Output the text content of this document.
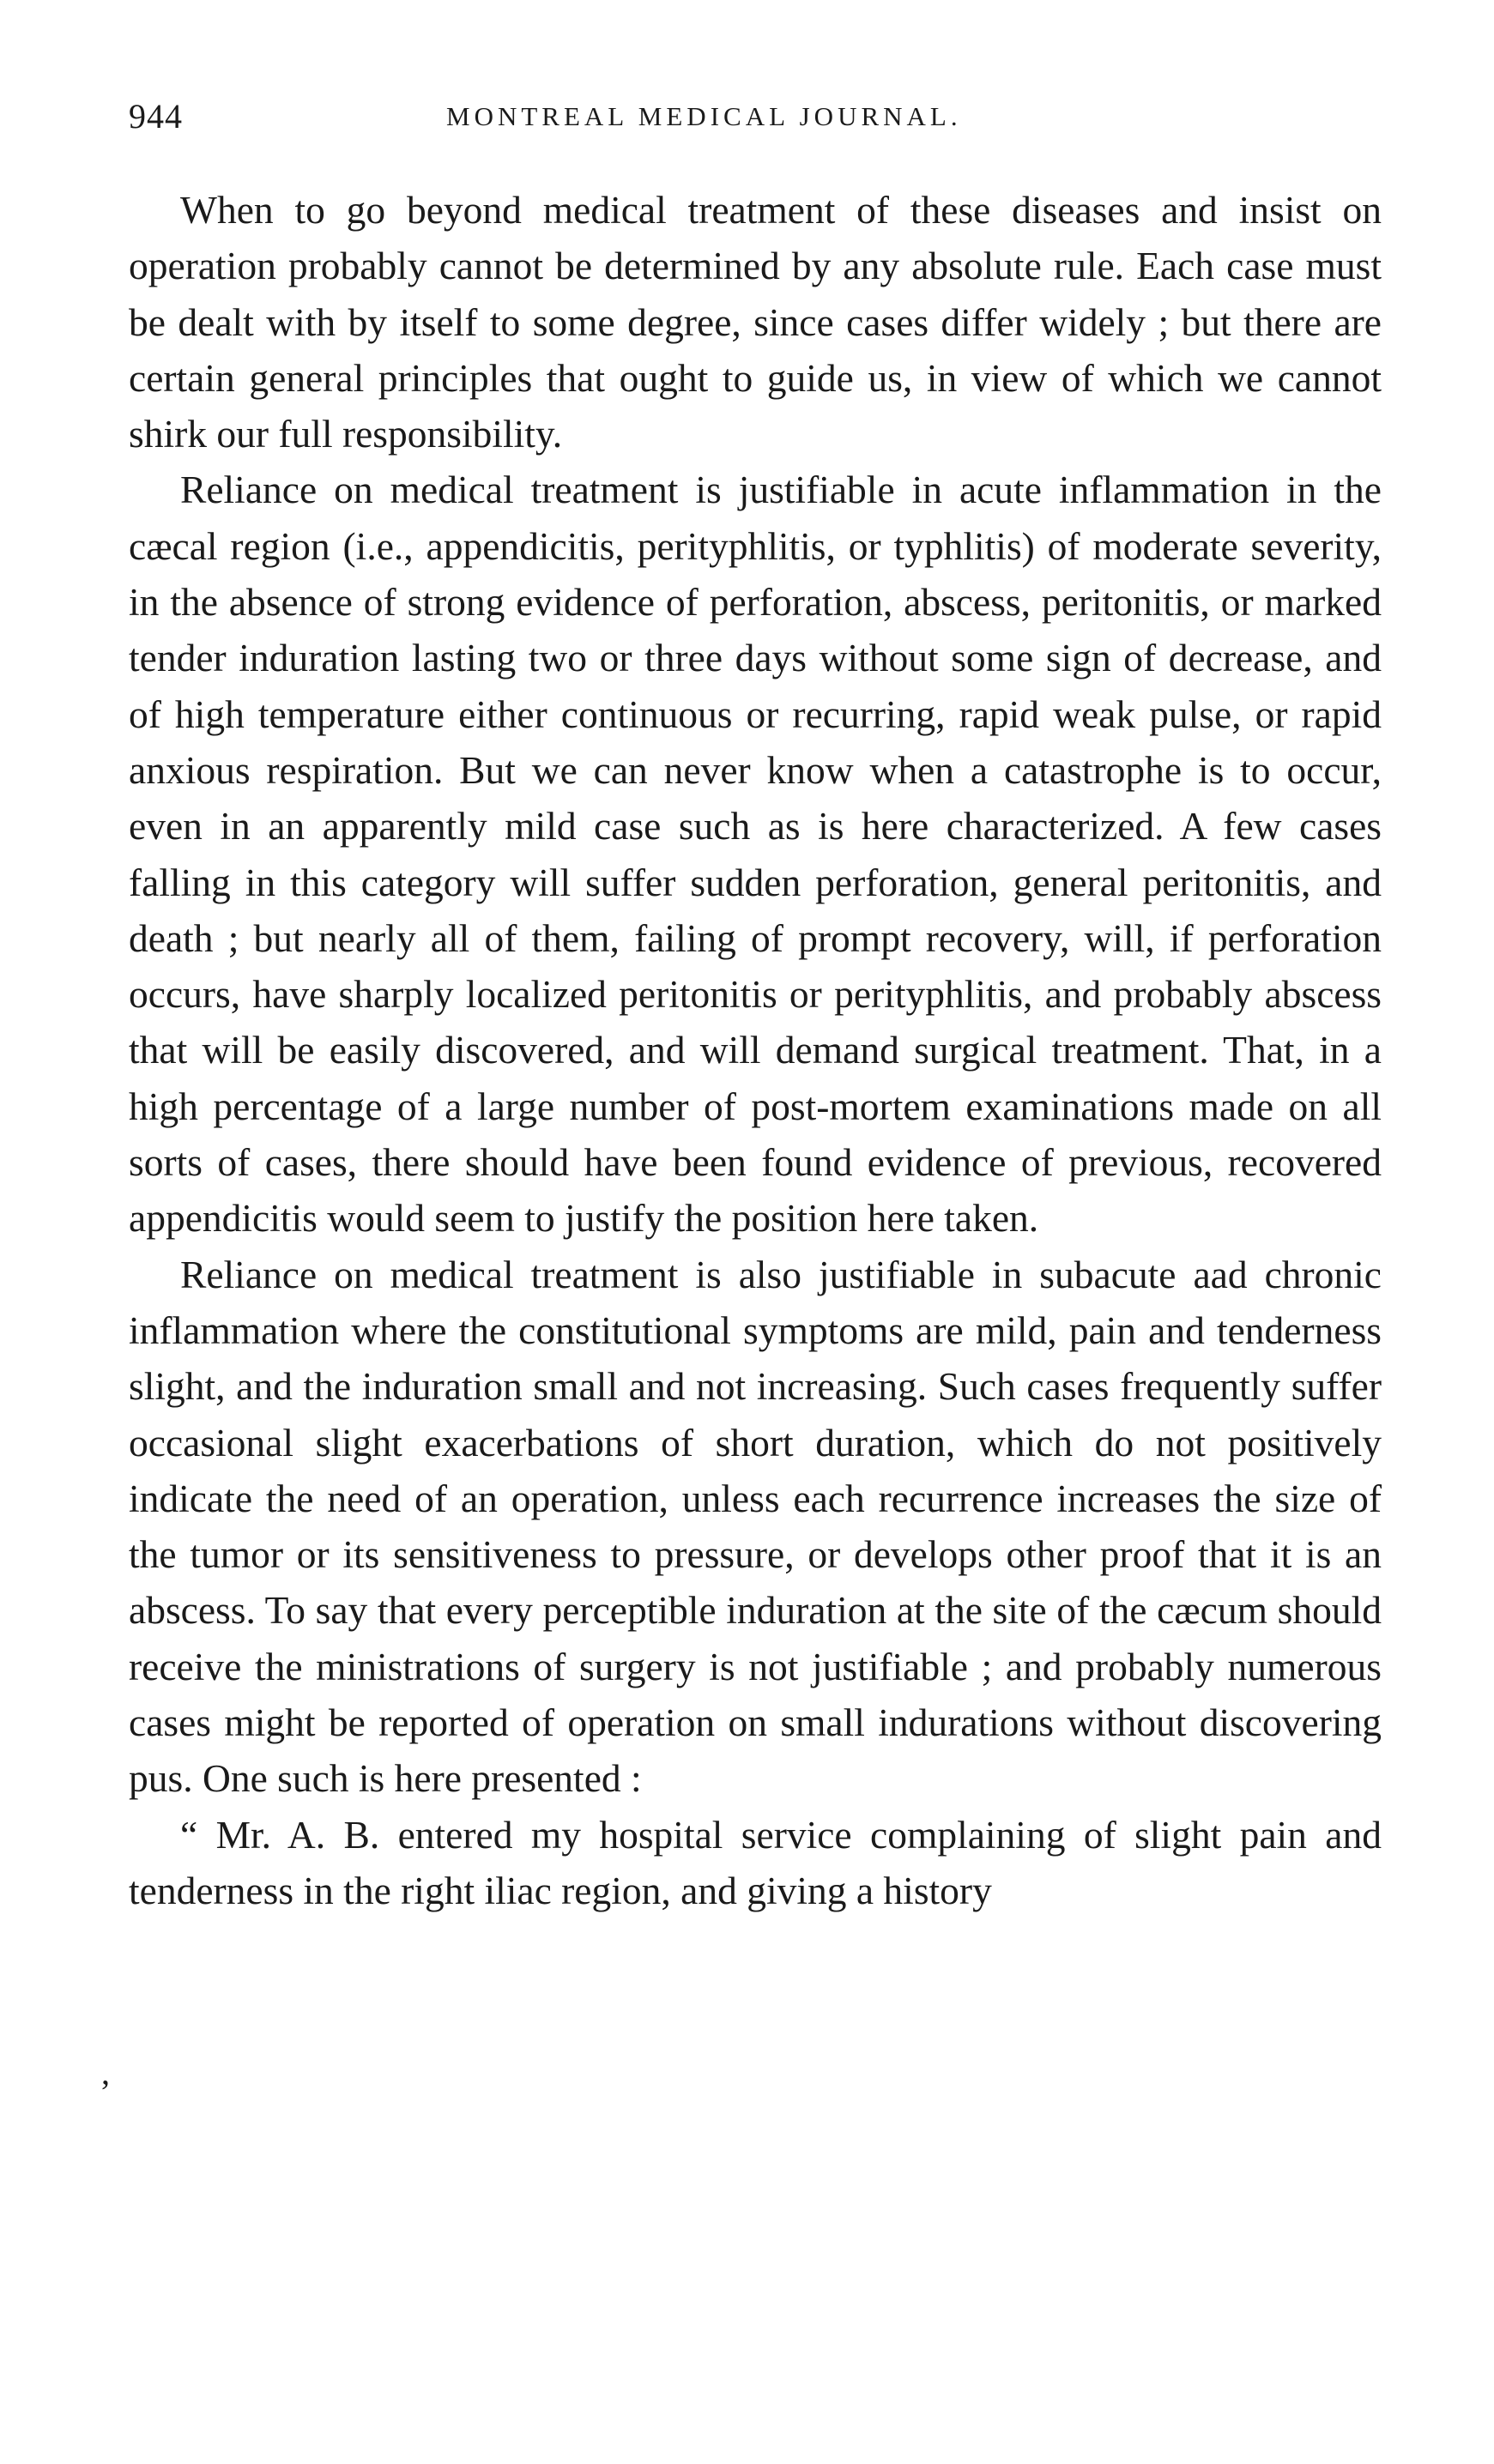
944	MONTREAL MEDICAL JOURNAL.

When to go beyond medical treatment of these diseases and insist on operation probably cannot be determined by any absolute rule. Each case must be dealt with by itself to some degree, since cases differ widely ; but there are certain general principles that ought to guide us, in view of which we cannot shirk our full responsibility.

Reliance on medical treatment is justifiable in acute inflammation in the cæcal region (i.e., appendicitis, perityphlitis, or typhlitis) of moderate severity, in the absence of strong evidence of perforation, abscess, peritonitis, or marked tender induration lasting two or three days without some sign of decrease, and of high temperature either continuous or recurring, rapid weak pulse, or rapid anxious respiration. But we can never know when a catastrophe is to occur, even in an apparently mild case such as is here characterized. A few cases falling in this category will suffer sudden perforation, general peritonitis, and death ; but nearly all of them, failing of prompt recovery, will, if perforation occurs, have sharply localized peritonitis or perityphlitis, and probably abscess that will be easily discovered, and will demand surgical treatment. That, in a high percentage of a large number of post-mortem examinations made on all sorts of cases, there should have been found evidence of previous, recovered appendicitis would seem to justify the position here taken.

Reliance on medical treatment is also justifiable in subacute aad chronic inflammation where the constitutional symptoms are mild, pain and tenderness slight, and the induration small and not increasing. Such cases frequently suffer occasional slight exacerbations of short duration, which do not positively indicate the need of an operation, unless each recurrence increases the size of the tumor or its sensitiveness to pressure, or develops other proof that it is an abscess. To say that every perceptible induration at the site of the cæcum should receive the ministrations of surgery is not justifiable ; and probably numerous cases might be reported of operation on small indurations without discovering pus. One such is here presented :

“ Mr. A. B. entered my hospital service complaining of slight pain and tenderness in the right iliac region, and giving a history

,
